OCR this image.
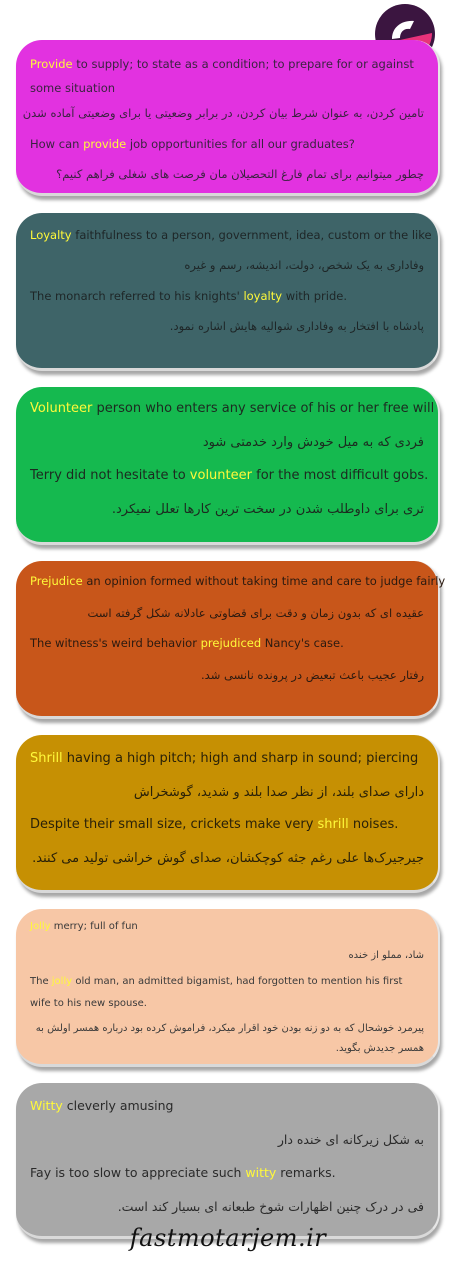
Provide to supply; to state as a condition; to prepare for or against some situation
تامین کردن، به عنوان شرط بیان کردن، در برابر وضعیتی یا برای وضعیتی آماده شدن
How can provide job opportunities for all our graduates?
چطور میتوانیم برای تمام فارغ التحصیلان مان فرصت های شغلی فراهم کنیم؟
Loyalty faithfulness to a person, government, idea, custom or the like
وفاداری به یک شخص، دولت، اندیشه، رسم و غیره
The monarch referred to his knights' loyalty with pride.
پادشاه با افتخار به وفاداری شوالیه هایش اشاره نمود.
Volunteer person who enters any service of his or her free will
فردی که به میل خودش وارد خدمتی شود
Terry did not hesitate to volunteer for the most difficult gobs.
تری برای داوطلب شدن در سخت ترین کارها تعلل نمیکرد.
Prejudice an opinion formed without taking time and care to judge fairly
عقیده ای که بدون زمان و دقت برای قضاوتی عادلانه شکل گرفته است
The witness's weird behavior prejudiced Nancy's case.
رفتار عجیب باعث تبعیض در پرونده نانسی شد.
Shrill having a high pitch; high and sharp in sound; piercing
دارای صدای بلند، از نظر صدا بلند و شدید، گوشخراش
Despite their small size, crickets make very shrill noises.
جیرجیرک‌ها علی رغم جثه کوچکشان، صدای گوش خراشی تولید می کنند.
Jolly merry; full of fun
شاد، مملو از خنده
The jolly old man, an admitted bigamist, had forgotten to mention his first wife to his new spouse.
پیرمرد خوشحال که به دو زنه بودن خود اقرار میکرد، فراموش کرده بود درباره همسر اولش به همسر جدیدش بگوید.
Witty cleverly amusing
به شکل زیرکانه ای خنده دار
Fay is too slow to appreciate such witty remarks.
فی در درک چنین اظهارات شوخ طبعانه ای بسیار کند است.
fastmotarjem.ir
